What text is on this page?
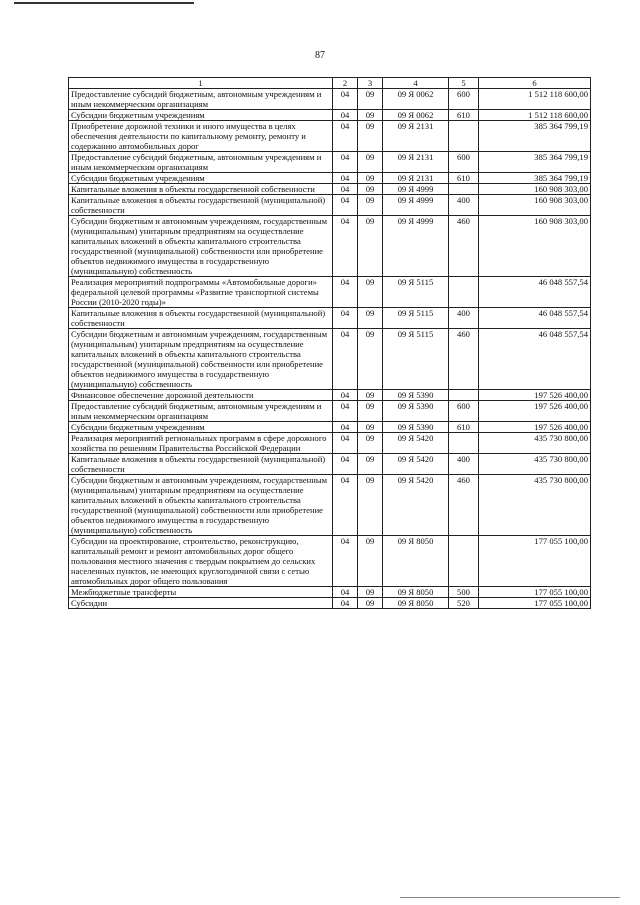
87
1	2	3	4	5	6
Предоставление субсидий бюджетным, автономным учреждениям и иным некоммерческим организациям	04	09	09 Я 0062	600	1 512 118 600,00
Субсидии бюджетным учреждениям	04	09	09 Я 0062	610	1 512 118 600,00
Приобретение дорожной техники и иного имущества в целях обеспечения деятельности по капитальному ремонту, ремонту и содержанию автомобильных дорог	04	09	09 Я 2131		385 364 799,19
Предоставление субсидий бюджетным, автономным учреждениям и иным некоммерческим организациям	04	09	09 Я 2131	600	385 364 799,19
Субсидии бюджетным учреждениям	04	09	09 Я 2131	610	385 364 799,19
Капитальные вложения в объекты государственной собственности	04	09	09 Я 4999		160 908 303,00
Капитальные вложения в объекты государственной (муниципальной) собственности	04	09	09 Я 4999	400	160 908 303,00
Субсидии бюджетным и автономным учреждениям, государственным (муниципальным) унитарным предприятиям на осуществление капитальных вложений в объекты капитального строительства государственной (муниципальной) собственности или приобретение объектов недвижимого имущества в государственную (муниципальную) собственность	04	09	09 Я 4999	460	160 908 303,00
Реализация мероприятий подпрограммы «Автомобильные дороги» федеральной целевой программы «Развитие транспортной системы России (2010-2020 годы)»	04	09	09 Я 5115		46 048 557,54
Капитальные вложения в объекты государственной (муниципальной) собственности	04	09	09 Я 5115	400	46 048 557,54
Субсидии бюджетным и автономным учреждениям, государственным (муниципальным) унитарным предприятиям на осуществление капитальных вложений в объекты капитального строительства государственной (муниципальной) собственности или приобретение объектов недвижимого имущества в государственную (муниципальную) собственность	04	09	09 Я 5115	460	46 048 557,54
Финансовое обеспечение дорожной деятельности	04	09	09 Я 5390		197 526 400,00
Предоставление субсидий бюджетным, автономным учреждениям и иным некоммерческим организациям	04	09	09 Я 5390	600	197 526 400,00
Субсидии бюджетным учреждениям	04	09	09 Я 5390	610	197 526 400,00
Реализация мероприятий региональных программ в сфере дорожного хозяйства по решениям Правительства Российской Федерации	04	09	09 Я 5420		435 730 800,00
Капитальные вложения в объекты государственной (муниципальной) собственности	04	09	09 Я 5420	400	435 730 800,00
Субсидии бюджетным и автономным учреждениям, государственным (муниципальным) унитарным предприятиям на осуществление капитальных вложений в объекты капитального строительства государственной (муниципальной) собственности или приобретение объектов недвижимого имущества в государственную (муниципальную) собственность	04	09	09 Я 5420	460	435 730 800,00
Субсидии на проектирование, строительство, реконструкцию, капитальный ремонт и ремонт автомобильных дорог общего пользования местного значения с твердым покрытием до сельских населенных пунктов, не имеющих круглогодичной связи с сетью автомобильных дорог общего пользования	04	09	09 Я 8050		177 055 100,00
Межбюджетные трансферты	04	09	09 Я 8050	500	177 055 100,00
Субсидии	04	09	09 Я 8050	520	177 055 100,00
